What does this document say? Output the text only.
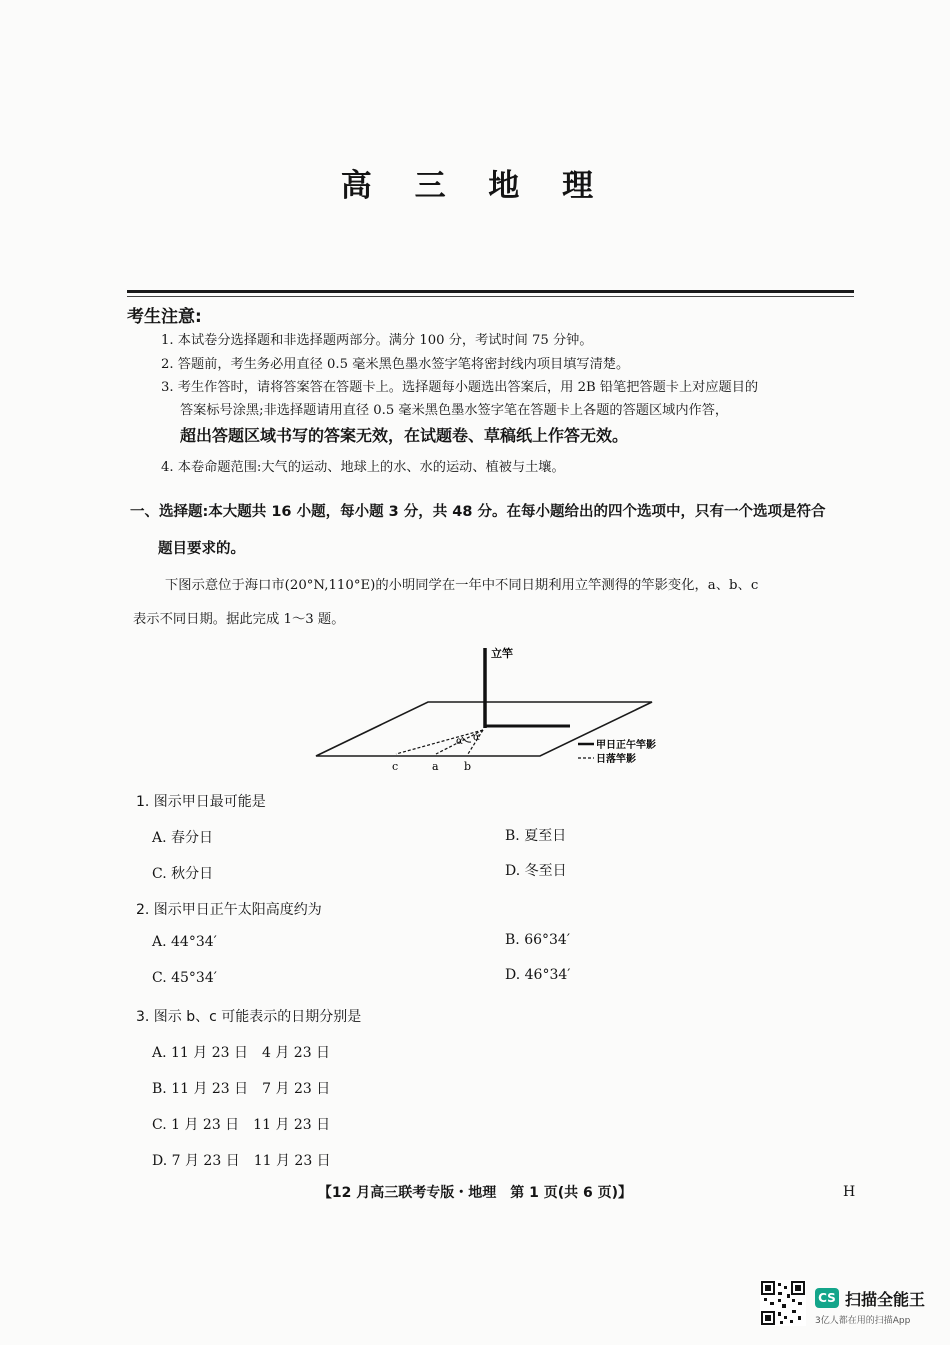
高 三 地 理
考生注意:
1. 本试卷分选择题和非选择题两部分。满分 100 分，考试时间 75 分钟。
2. 答题前，考生务必用直径 0.5 毫米黑色墨水签字笔将密封线内项目填写清楚。
3. 考生作答时，请将答案答在答题卡上。选择题每小题选出答案后，用 2B 铅笔把答题卡上对应题目的
答案标号涂黑;非选择题请用直径 0.5 毫米黑色墨水签字笔在答题卡上各题的答题区域内作答，
超出答题区域书写的答案无效，在试题卷、草稿纸上作答无效。
4. 本卷命题范围:大气的运动、地球上的水、水的运动、植被与土壤。
一、选择题:本大题共 16 小题，每小题 3 分，共 48 分。在每小题给出的四个选项中，只有一个选项是符合
题目要求的。
下图示意位于海口市(20°N,110°E)的小明同学在一年中不同日期利用立竿测得的竿影变化，a、b、c
表示不同日期。据此完成 1～3 题。
α α
立竿
c	a b
甲日正午竿影
日落竿影
1. 图示甲日最可能是
A. 春分日	B. 夏至日
C. 秋分日	D. 冬至日
2. 图示甲日正午太阳高度约为
A. 44°34′	B. 66°34′
C. 45°34′	D. 46°34′
3. 图示 b、c 可能表示的日期分别是
A. 11 月 23 日　4 月 23 日
B. 11 月 23 日　7 月 23 日
C. 1 月 23 日　11 月 23 日
D. 7 月 23 日　11 月 23 日
【12 月高三联考专版・地理　第 1 页(共 6 页)】	H
CS 扫描全能王
3亿人都在用的扫描App
